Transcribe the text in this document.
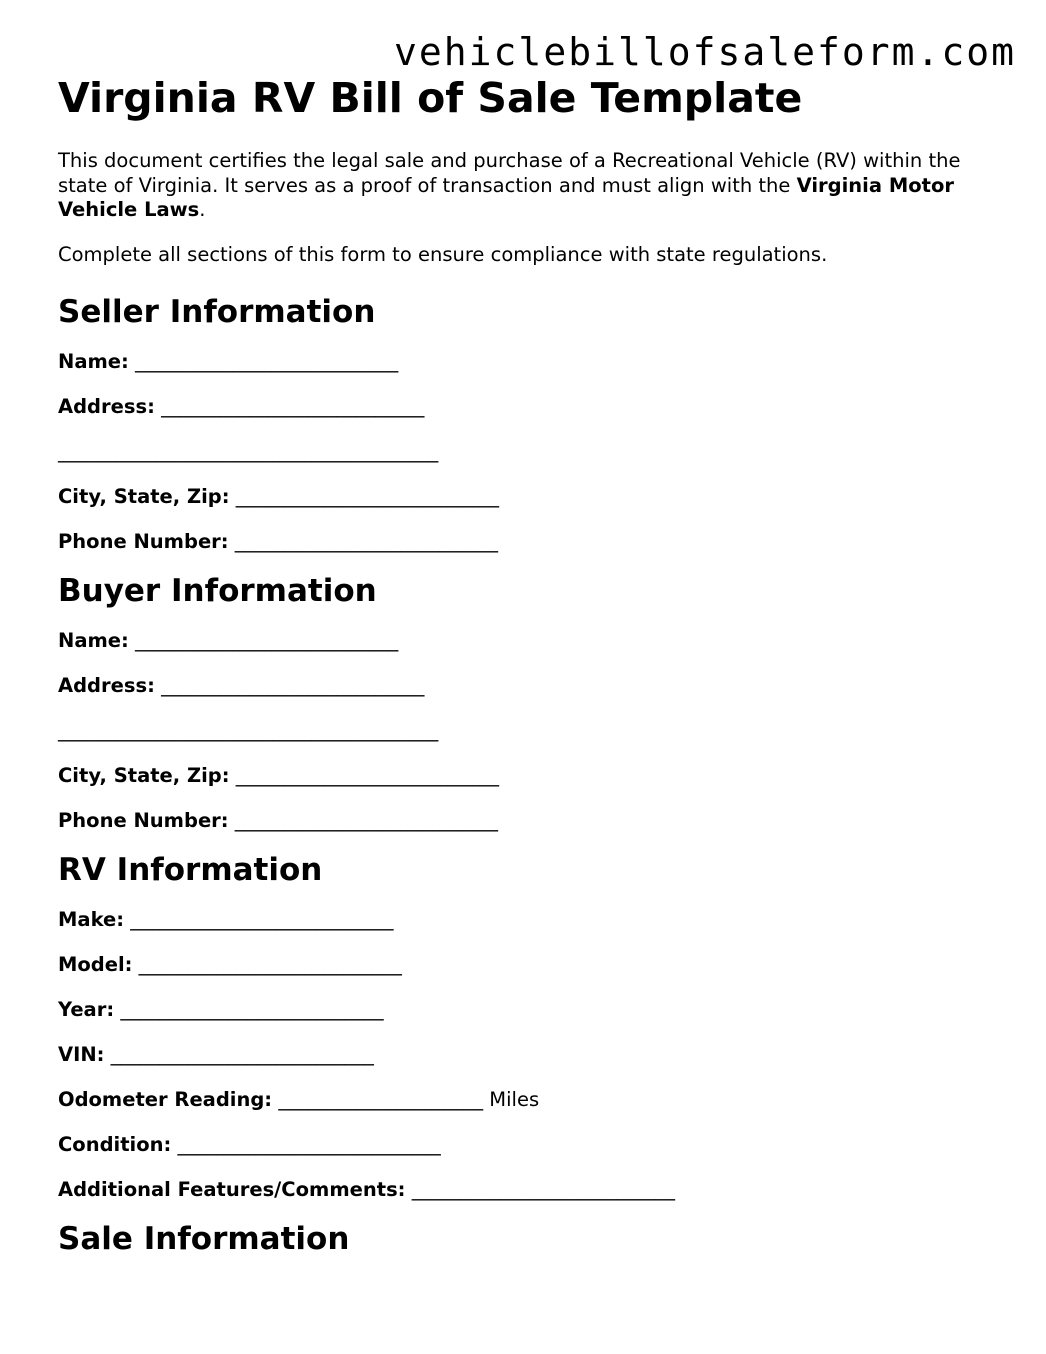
vehiclebillofsaleform.com
Virginia RV Bill of Sale Template

This document certifies the legal sale and purchase of a Recreational Vehicle (RV) within the state of Virginia. It serves as a proof of transaction and must align with the Virginia Motor Vehicle Laws.

Complete all sections of this form to ensure compliance with state regulations.

Seller Information
Name: ___________________________
Address: ___________________________
_______________________________________
City, State, Zip: ___________________________
Phone Number: ___________________________
Buyer Information
Name: ___________________________
Address: ___________________________
_______________________________________
City, State, Zip: ___________________________
Phone Number: ___________________________
RV Information
Make: ___________________________
Model: ___________________________
Year: ___________________________
VIN: ___________________________
Odometer Reading: _____________________ Miles
Condition: ___________________________
Additional Features/Comments: ___________________________
Sale Information
